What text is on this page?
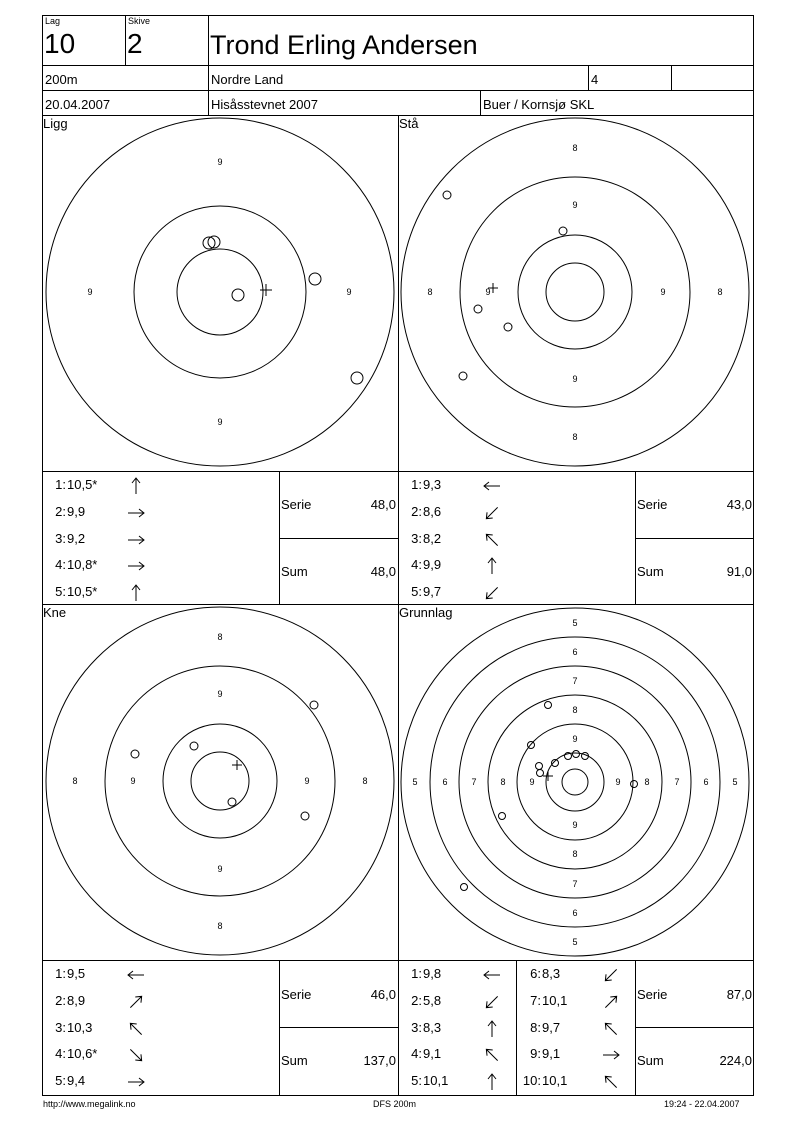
Lag
10
Skive
2 Trond Erling Andersen
200m	Nordre Land	4
20.04.2007	Hisåsstevnet 2007	Buer / Kornsjø SKL
Ligg	Stå
Kne	Grunnlag
9
9	9
9
8
9
9
8	8
9
9
8
8
9
8	9	9	8
9
8
5
6
7
8
9
5	6	7	8	9	9	8	7	6	5
9
8
7
6
5
1: 10,5*
2: 9,9
3: 9,2
4: 10,8*
5: 10,5*
1: 9,3
2: 8,6
3: 8,2
4: 9,9
5: 9,7
1: 9,5
2: 8,9
3: 10,3
4: 10,6*
5: 9,4
1: 9,8
2: 5,8
3: 8,3
4: 9,1
5: 10,1
6: 8,3
7: 10,1
8: 9,7
9: 9,1
10: 10,1
Serie	48,0
Sum	48,0
Serie	43,0
Sum	91,0
Serie	46,0
Sum	137,0
Serie	87,0
Sum	224,0
http://www.megalink.no	DFS 200m	19:24 - 22.04.2007
